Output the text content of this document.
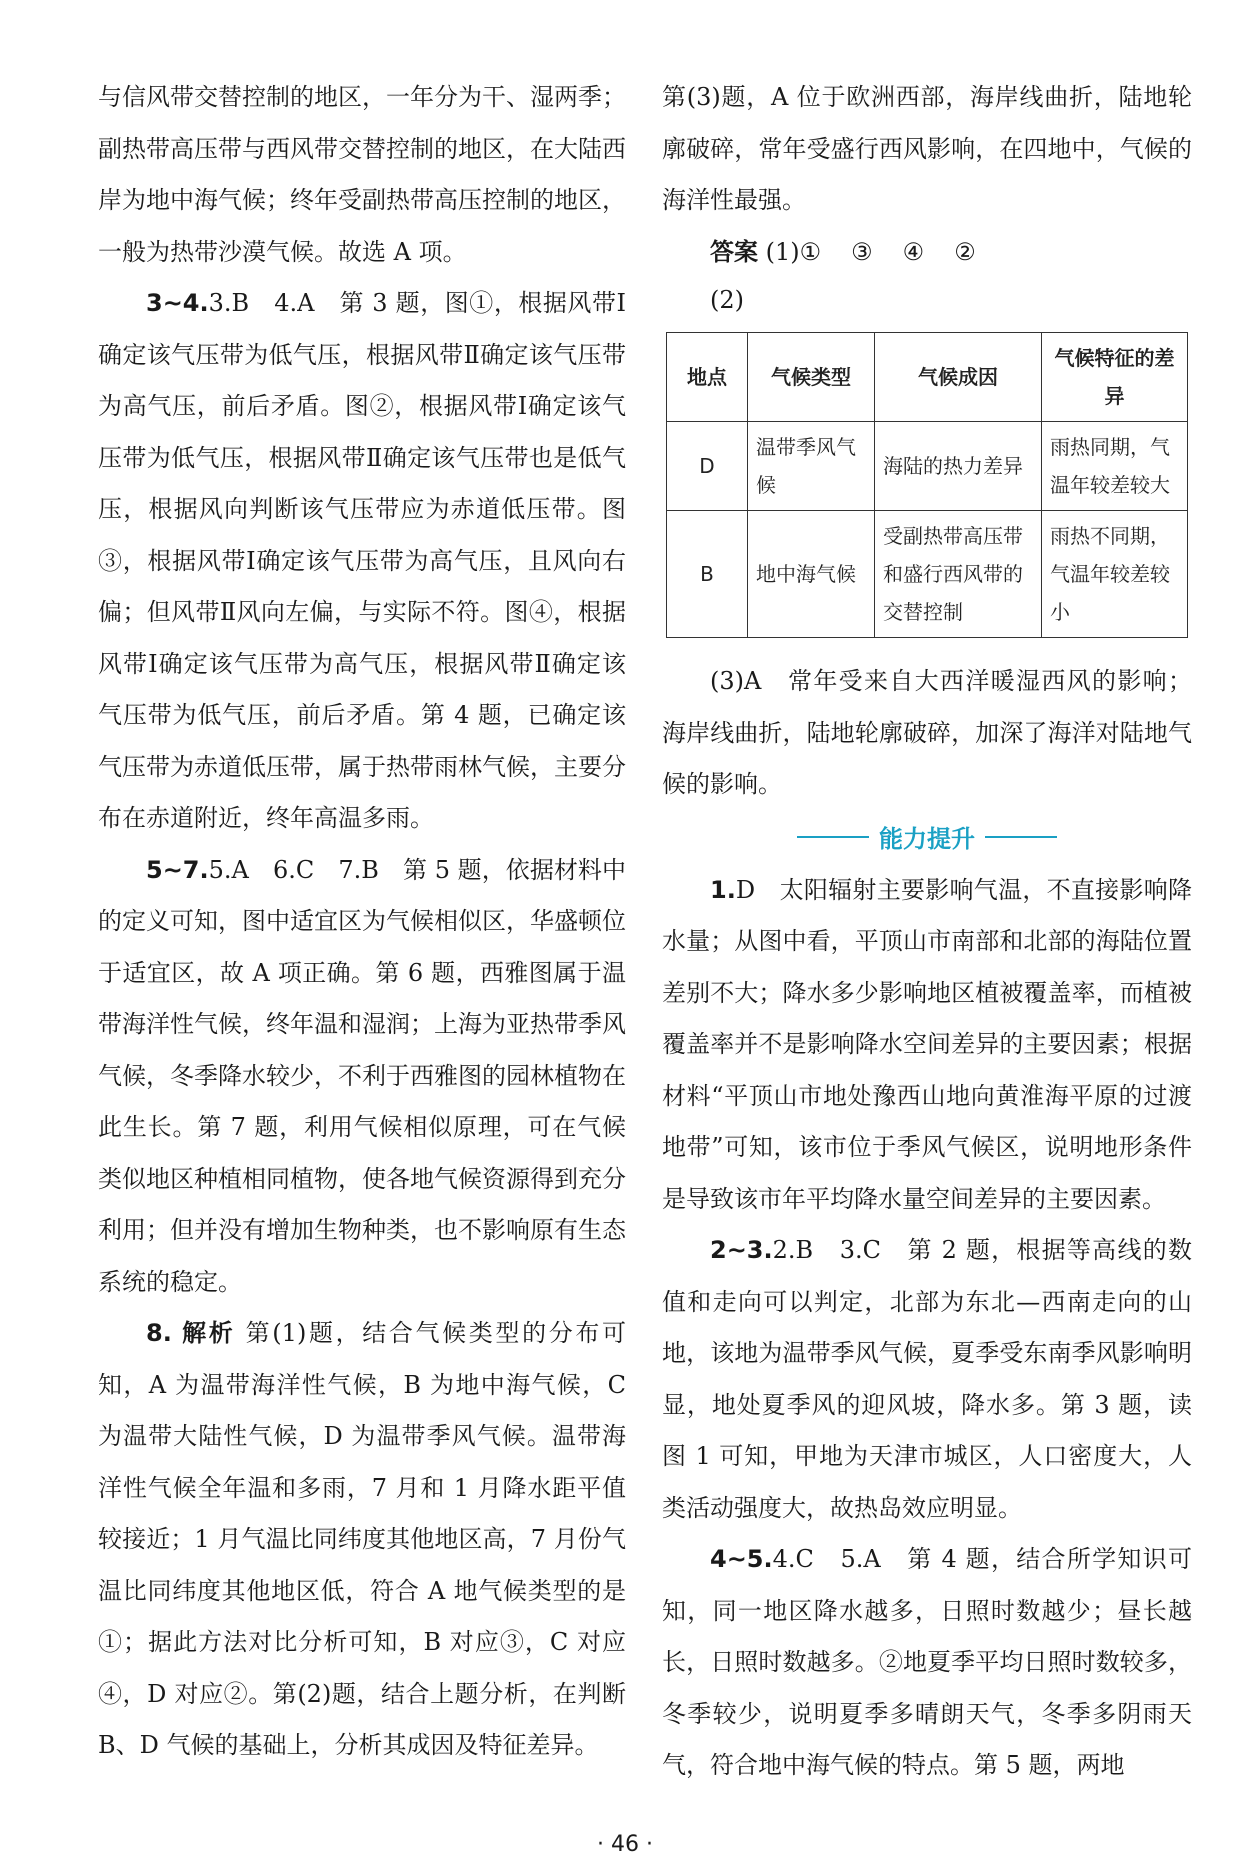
与信风带交替控制的地区，一年分为干、湿两季；副热带高压带与西风带交替控制的地区，在大陆西岸为地中海气候；终年受副热带高压控制的地区，一般为热带沙漠气候。故选 A 项。

3~4.3.B　4.A　第 3 题，图①，根据风带Ⅰ确定该气压带为低气压，根据风带Ⅱ确定该气压带为高气压，前后矛盾。图②，根据风带Ⅰ确定该气压带为低气压，根据风带Ⅱ确定该气压带也是低气压，根据风向判断该气压带应为赤道低压带。图③，根据风带Ⅰ确定该气压带为高气压，且风向右偏；但风带Ⅱ风向左偏，与实际不符。图④，根据风带Ⅰ确定该气压带为高气压，根据风带Ⅱ确定该气压带为低气压，前后矛盾。第 4 题，已确定该气压带为赤道低压带，属于热带雨林气候，主要分布在赤道附近，终年高温多雨。

5~7.5.A　6.C　7.B　第 5 题，依据材料中的定义可知，图中适宜区为气候相似区，华盛顿位于适宜区，故 A 项正确。第 6 题，西雅图属于温带海洋性气候，终年温和湿润；上海为亚热带季风气候，冬季降水较少，不利于西雅图的园林植物在此生长。第 7 题，利用气候相似原理，可在气候类似地区种植相同植物，使各地气候资源得到充分利用；但并没有增加生物种类，也不影响原有生态系统的稳定。

8. 解析 第(1)题，结合气候类型的分布可知，A 为温带海洋性气候，B 为地中海气候，C 为温带大陆性气候，D 为温带季风气候。温带海洋性气候全年温和多雨，7 月和 1 月降水距平值较接近；1 月气温比同纬度其他地区高，7 月份气温比同纬度其他地区低，符合 A 地气候类型的是①；据此方法对比分析可知，B 对应③，C 对应④，D 对应②。第(2)题，结合上题分析，在判断 B、D 气候的基础上，分析其成因及特征差异。

第(3)题，A 位于欧洲西部，海岸线曲折，陆地轮廓破碎，常年受盛行西风影响，在四地中，气候的海洋性最强。

答案 (1)① ③ ④ ②
(2)
地点	气候类型	气候成因	气候特征的差异
D	温带季风气候	海陆的热力差异	雨热同期，气温年较差较大
B	地中海气候	受副热带高压带和盛行西风带的交替控制	雨热不同期，气温年较差较小

(3)A　常年受来自大西洋暖湿西风的影响；海岸线曲折，陆地轮廓破碎，加深了海洋对陆地气候的影响。

能力提升

1.D　太阳辐射主要影响气温，不直接影响降水量；从图中看，平顶山市南部和北部的海陆位置差别不大；降水多少影响地区植被覆盖率，而植被覆盖率并不是影响降水空间差异的主要因素；根据材料“平顶山市地处豫西山地向黄淮海平原的过渡地带”可知，该市位于季风气候区，说明地形条件是导致该市年平均降水量空间差异的主要因素。

2~3.2.B　3.C　第 2 题，根据等高线的数值和走向可以判定，北部为东北—西南走向的山地，该地为温带季风气候，夏季受东南季风影响明显，地处夏季风的迎风坡，降水多。第 3 题，读图 1 可知，甲地为天津市城区，人口密度大，人类活动强度大，故热岛效应明显。

4~5.4.C　5.A　第 4 题，结合所学知识可知，同一地区降水越多，日照时数越少；昼长越长，日照时数越多。②地夏季平均日照时数较多，冬季较少，说明夏季多晴朗天气，冬季多阴雨天气，符合地中海气候的特点。第 5 题，两地

· 46 ·
